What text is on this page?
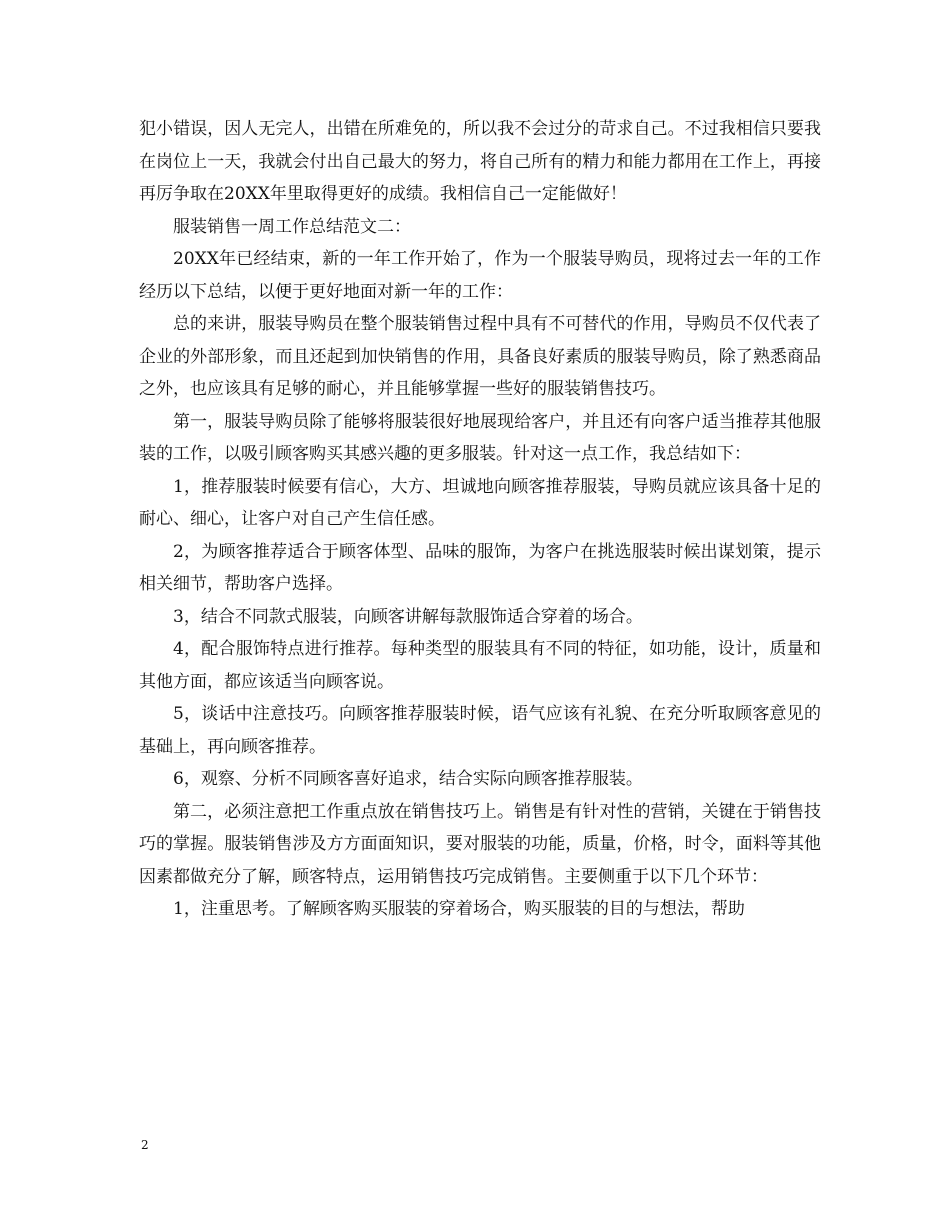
犯小错误，因人无完人，出错在所难免的，所以我不会过分的苛求自己。不过我相信只要我在岗位上一天，我就会付出自己最大的努力，将自己所有的精力和能力都用在工作上，再接再厉争取在20XX年里取得更好的成绩。我相信自己一定能做好！

服装销售一周工作总结范文二：

20XX年已经结束，新的一年工作开始了，作为一个服装导购员，现将过去一年的工作经历以下总结，以便于更好地面对新一年的工作：

总的来讲，服装导购员在整个服装销售过程中具有不可替代的作用，导购员不仅代表了企业的外部形象，而且还起到加快销售的作用，具备良好素质的服装导购员，除了熟悉商品之外，也应该具有足够的耐心，并且能够掌握一些好的服装销售技巧。

第一，服装导购员除了能够将服装很好地展现给客户，并且还有向客户适当推荐其他服装的工作，以吸引顾客购买其感兴趣的更多服装。针对这一点工作，我总结如下：

1，推荐服装时候要有信心，大方、坦诚地向顾客推荐服装，导购员就应该具备十足的耐心、细心，让客户对自己产生信任感。

2，为顾客推荐适合于顾客体型、品味的服饰，为客户在挑选服装时候出谋划策，提示相关细节，帮助客户选择。

3，结合不同款式服装，向顾客讲解每款服饰适合穿着的场合。

4，配合服饰特点进行推荐。每种类型的服装具有不同的特征，如功能，设计，质量和其他方面，都应该适当向顾客说。

5，谈话中注意技巧。向顾客推荐服装时候，语气应该有礼貌、在充分听取顾客意见的基础上，再向顾客推荐。

6，观察、分析不同顾客喜好追求，结合实际向顾客推荐服装。

第二，必须注意把工作重点放在销售技巧上。销售是有针对性的营销，关键在于销售技巧的掌握。服装销售涉及方方面面知识，要对服装的功能，质量，价格，时令，面料等其他因素都做充分了解，顾客特点，运用销售技巧完成销售。主要侧重于以下几个环节：

1，注重思考。了解顾客购买服装的穿着场合，购买服装的目的与想法，帮助

2
